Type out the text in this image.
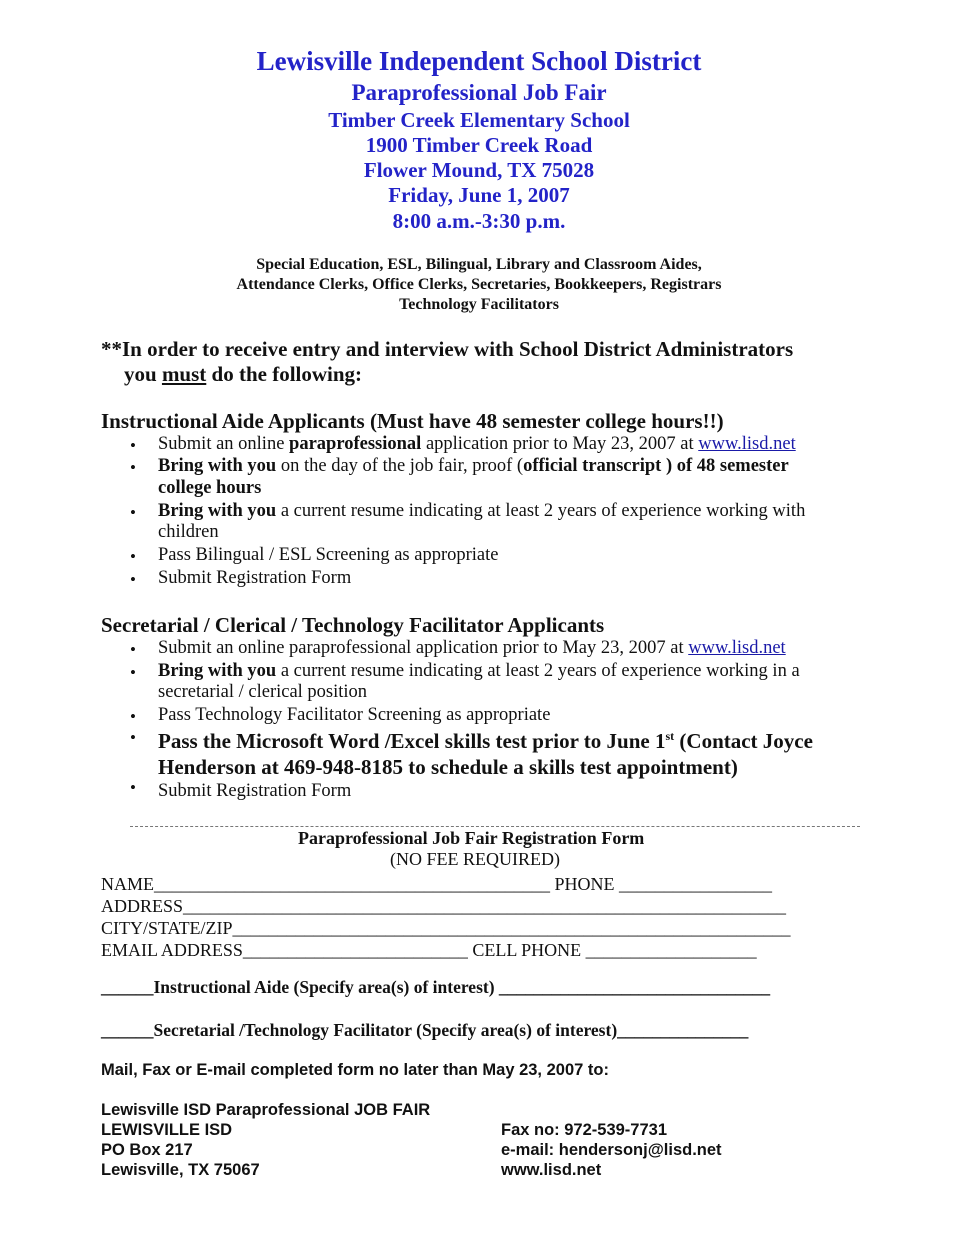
Lewisville Independent School District
Paraprofessional Job Fair
Timber Creek Elementary School
1900 Timber Creek Road
Flower Mound, TX 75028
Friday, June 1, 2007
8:00 a.m.-3:30 p.m.
Special Education, ESL, Bilingual, Library and Classroom Aides,
Attendance Clerks, Office Clerks, Secretaries, Bookkeepers, Registrars
Technology Facilitators
**In order to receive entry and interview with School District Administrators
you must do the following:
Instructional Aide Applicants (Must have 48 semester college hours!!)
• Submit an online paraprofessional application prior to May 23, 2007 at www.lisd.net
• Bring with you on the day of the job fair, proof (official transcript ) of 48 semester
college hours
• Bring with you a current resume indicating at least 2 years of experience working with
children
• Pass Bilingual / ESL Screening as appropriate
• Submit Registration Form
Secretarial / Clerical / Technology Facilitator Applicants
• Submit an online paraprofessional application prior to May 23, 2007 at www.lisd.net
• Bring with you a current resume indicating at least 2 years of experience working in a
secretarial / clerical position
• Pass Technology Facilitator Screening as appropriate
• Pass the Microsoft Word /Excel skills test prior to June 1st (Contact Joyce
Henderson at 469-948-8185 to schedule a skills test appointment)
• Submit Registration Form
Paraprofessional Job Fair Registration Form
(NO FEE REQUIRED)
NAME____________________________________________ PHONE _________________
ADDRESS___________________________________________________________________
CITY/STATE/ZIP______________________________________________________________
EMAIL ADDRESS_________________________ CELL PHONE ___________________
______Instructional Aide (Specify area(s) of interest) _______________________________
______Secretarial /Technology Facilitator (Specify area(s) of interest)_______________
Mail, Fax or E-mail completed form no later than May 23, 2007 to:
Lewisville ISD Paraprofessional JOB FAIR
LEWISVILLE ISD
PO Box 217
Lewisville, TX 75067
Fax no: 972-539-7731
e-mail: hendersonj@lisd.net
www.lisd.net
